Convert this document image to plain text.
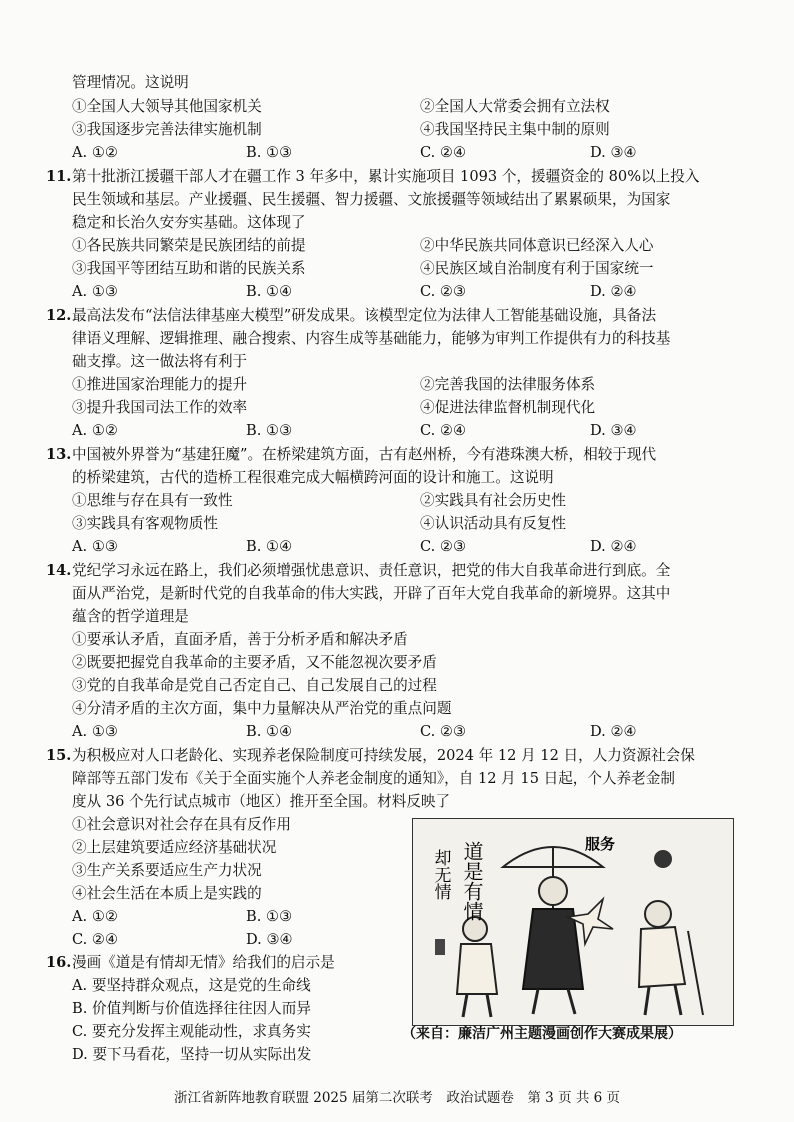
管理情况。这说明
①全国人大领导其他国家机关	②全国人大常委会拥有立法权
③我国逐步完善法律实施机制	④我国坚持民主集中制的原则
A. ①②	B. ①③	C. ②④	D. ③④
11. 第十批浙江援疆干部人才在疆工作 3 年多中，累计实施项目 1093 个，援疆资金的 80%以上投入
民生领域和基层。产业援疆、民生援疆、智力援疆、文旅援疆等领域结出了累累硕果，为国家
稳定和长治久安夯实基础。这体现了
①各民族共同繁荣是民族团结的前提	②中华民族共同体意识已经深入人心
③我国平等团结互助和谐的民族关系	④民族区域自治制度有利于国家统一
A. ①③	B. ①④	C. ②③	D. ②④
12. 最高法发布“法信法律基座大模型”研发成果。该模型定位为法律人工智能基础设施，具备法
律语义理解、逻辑推理、融合搜索、内容生成等基础能力，能够为审判工作提供有力的科技基
础支撑。这一做法将有利于
①推进国家治理能力的提升	②完善我国的法律服务体系
③提升我国司法工作的效率	④促进法律监督机制现代化
A. ①②	B. ①③	C. ②④	D. ③④
13. 中国被外界誉为“基建狂魔”。在桥梁建筑方面，古有赵州桥，今有港珠澳大桥，相较于现代
的桥梁建筑，古代的造桥工程很难完成大幅横跨河面的设计和施工。这说明
①思维与存在具有一致性	②实践具有社会历史性
③实践具有客观物质性	④认识活动具有反复性
A. ①③	B. ①④	C. ②③	D. ②④
14. 党纪学习永远在路上，我们必须增强忧患意识、责任意识，把党的伟大自我革命进行到底。全
面从严治党，是新时代党的自我革命的伟大实践，开辟了百年大党自我革命的新境界。这其中
蕴含的哲学道理是
①要承认矛盾，直面矛盾，善于分析矛盾和解决矛盾
②既要把握党自我革命的主要矛盾，又不能忽视次要矛盾
③党的自我革命是党自己否定自己、自己发展自己的过程
④分清矛盾的主次方面，集中力量解决从严治党的重点问题
A. ①③	B. ①④	C. ②③	D. ②④
15. 为积极应对人口老龄化、实现养老保险制度可持续发展，2024 年 12 月 12 日，人力资源社会保
障部等五部门发布《关于全面实施个人养老金制度的通知》，自 12 月 15 日起，个人养老金制
度从 36 个先行试点城市（地区）推开至全国。材料反映了
①社会意识对社会存在具有反作用
②上层建筑要适应经济基础状况
③生产关系要适应生产力状况
④社会生活在本质上是实践的
A. ①②	B. ①③
C. ②④	D. ③④
16. 漫画《道是有情却无情》给我们的启示是
A. 要坚持群众观点，这是党的生命线
B. 价值判断与价值选择往往因人而异
C. 要充分发挥主观能动性，求真务实
D. 要下马看花，坚持一切从实际出发
道是有情
却无情
服务
（来自：廉洁广州主题漫画创作大赛成果展）
浙江省新阵地教育联盟 2025 届第二次联考　政治试题卷　第 3 页 共 6 页
